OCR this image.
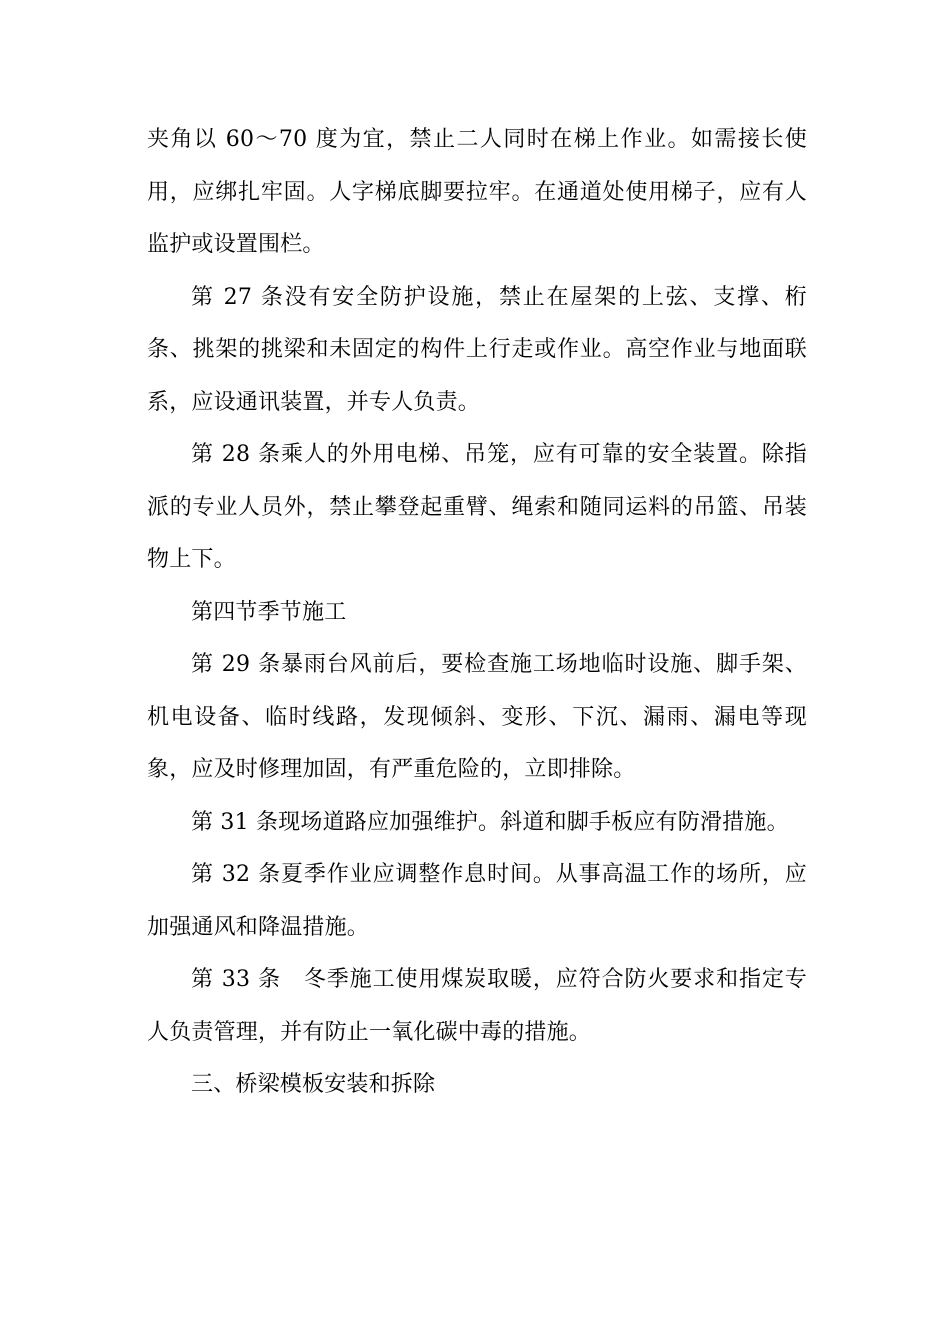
夹角以 60～70 度为宜，禁止二人同时在梯上作业。如需接长使用，应绑扎牢固。人字梯底脚要拉牢。在通道处使用梯子，应有人监护或设置围栏。

第 27 条没有安全防护设施，禁止在屋架的上弦、支撑、桁条、挑架的挑梁和未固定的构件上行走或作业。高空作业与地面联系，应设通讯装置，并专人负责。

第 28 条乘人的外用电梯、吊笼，应有可靠的安全装置。除指派的专业人员外，禁止攀登起重臂、绳索和随同运料的吊篮、吊装物上下。

第四节季节施工

第 29 条暴雨台风前后，要检查施工场地临时设施、脚手架、机电设备、临时线路，发现倾斜、变形、下沉、漏雨、漏电等现象，应及时修理加固，有严重危险的，立即排除。

第 31 条现场道路应加强维护。斜道和脚手板应有防滑措施。

第 32 条夏季作业应调整作息时间。从事高温工作的场所，应加强通风和降温措施。

第 33 条　冬季施工使用煤炭取暖，应符合防火要求和指定专人负责管理，并有防止一氧化碳中毒的措施。

三、桥梁模板安装和拆除
